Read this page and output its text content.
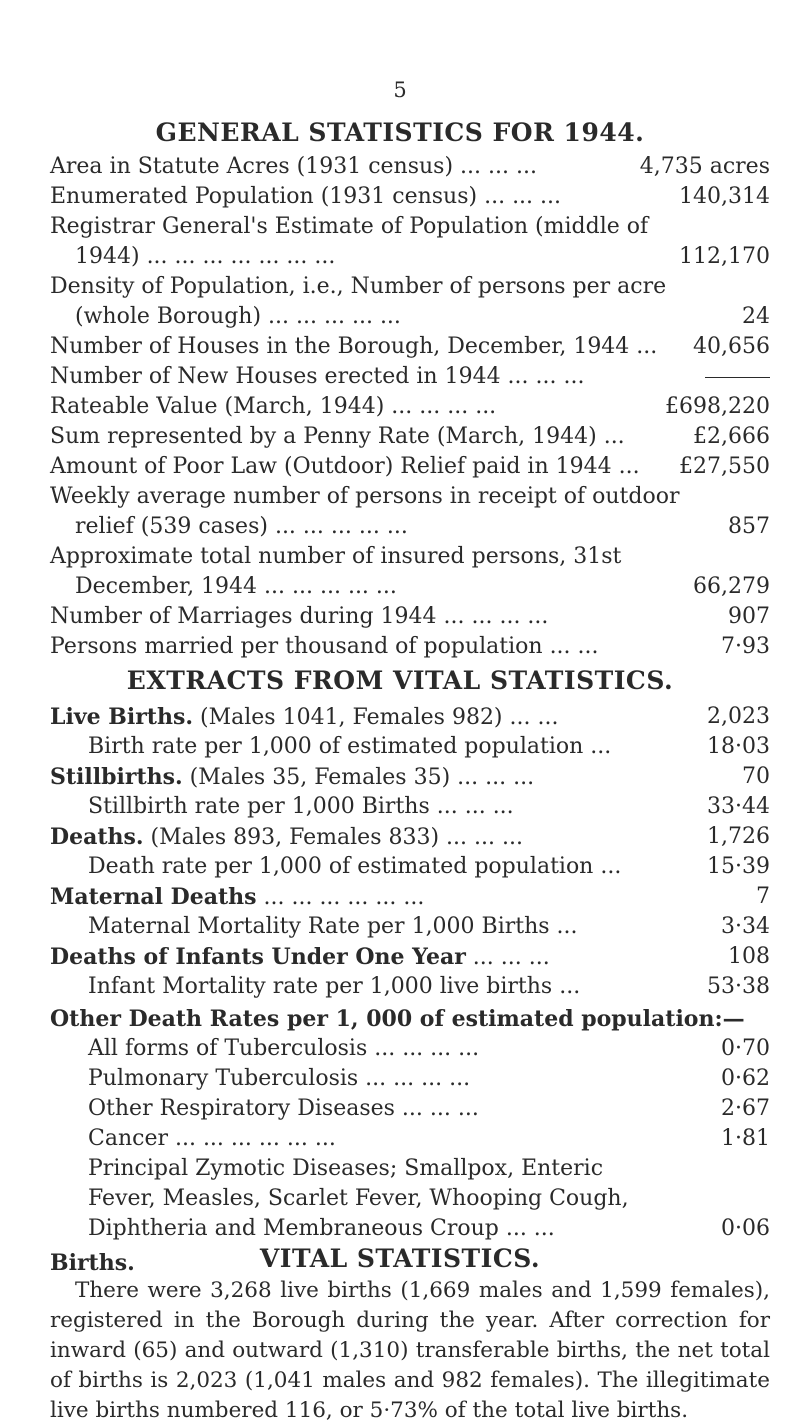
5
GENERAL STATISTICS FOR 1944.
Area in Statute Acres (1931 census) ... ... ...	4,735 acres
Enumerated Population (1931 census) ... ... ...	140,314
Registrar General's Estimate of Population (middle of
1944) ... ... ... ... ... ... ...	112,170
Density of Population, i.e., Number of persons per acre
(whole Borough) ... ... ... ... ...	24
Number of Houses in the Borough, December, 1944 ... 40,656
Number of New Houses erected in 1944 ... ... ...
Rateable Value (March, 1944) ... ... ... ...	£698,220
Sum represented by a Penny Rate (March, 1944) ...	£2,666
Amount of Poor Law (Outdoor) Relief paid in 1944 ... £27,550
Weekly average number of persons in receipt of outdoor
relief (539 cases) ... ... ... ... ...	857
Approximate total number of insured persons, 31st
December, 1944 ... ... ... ... ...	66,279
Number of Marriages during 1944 ... ... ... ...	907
Persons married per thousand of population ... ...	7·93
EXTRACTS FROM VITAL STATISTICS.
Live Births. (Males 1041, Females 982) ... ...	2,023
Birth rate per 1,000 of estimated population ...	18·03
Stillbirths. (Males 35, Females 35) ... ... ...	70
Stillbirth rate per 1,000 Births ... ... ...	33·44
Deaths. (Males 893, Females 833) ... ... ...	1,726
Death rate per 1,000 of estimated population ...	15·39
Maternal Deaths ... ... ... ... ... ...	7
Maternal Mortality Rate per 1,000 Births ...	3·34
Deaths of Infants Under One Year ... ... ...	108
Infant Mortality rate per 1,000 live births ...	53·38
Other Death Rates per 1, 000 of estimated population:—
All forms of Tuberculosis ... ... ... ...	0·70
Pulmonary Tuberculosis ... ... ... ...	0·62
Other Respiratory Diseases ... ... ...	2·67
Cancer ... ... ... ... ... ...	1·81
Principal Zymotic Diseases; Smallpox, Enteric
Fever, Measles, Scarlet Fever, Whooping Cough,
Diphtheria and Membraneous Croup ... ...	0·06
Births.	VITAL STATISTICS.
There were 3,268 live births (1,669 males and 1,599 females), registered in the Borough during the year. After correction for inward (65) and outward (1,310) transferable births, the net total of births is 2,023 (1,041 males and 982 females). The illegitimate live births numbered 116, or 5·73% of the total live births.
